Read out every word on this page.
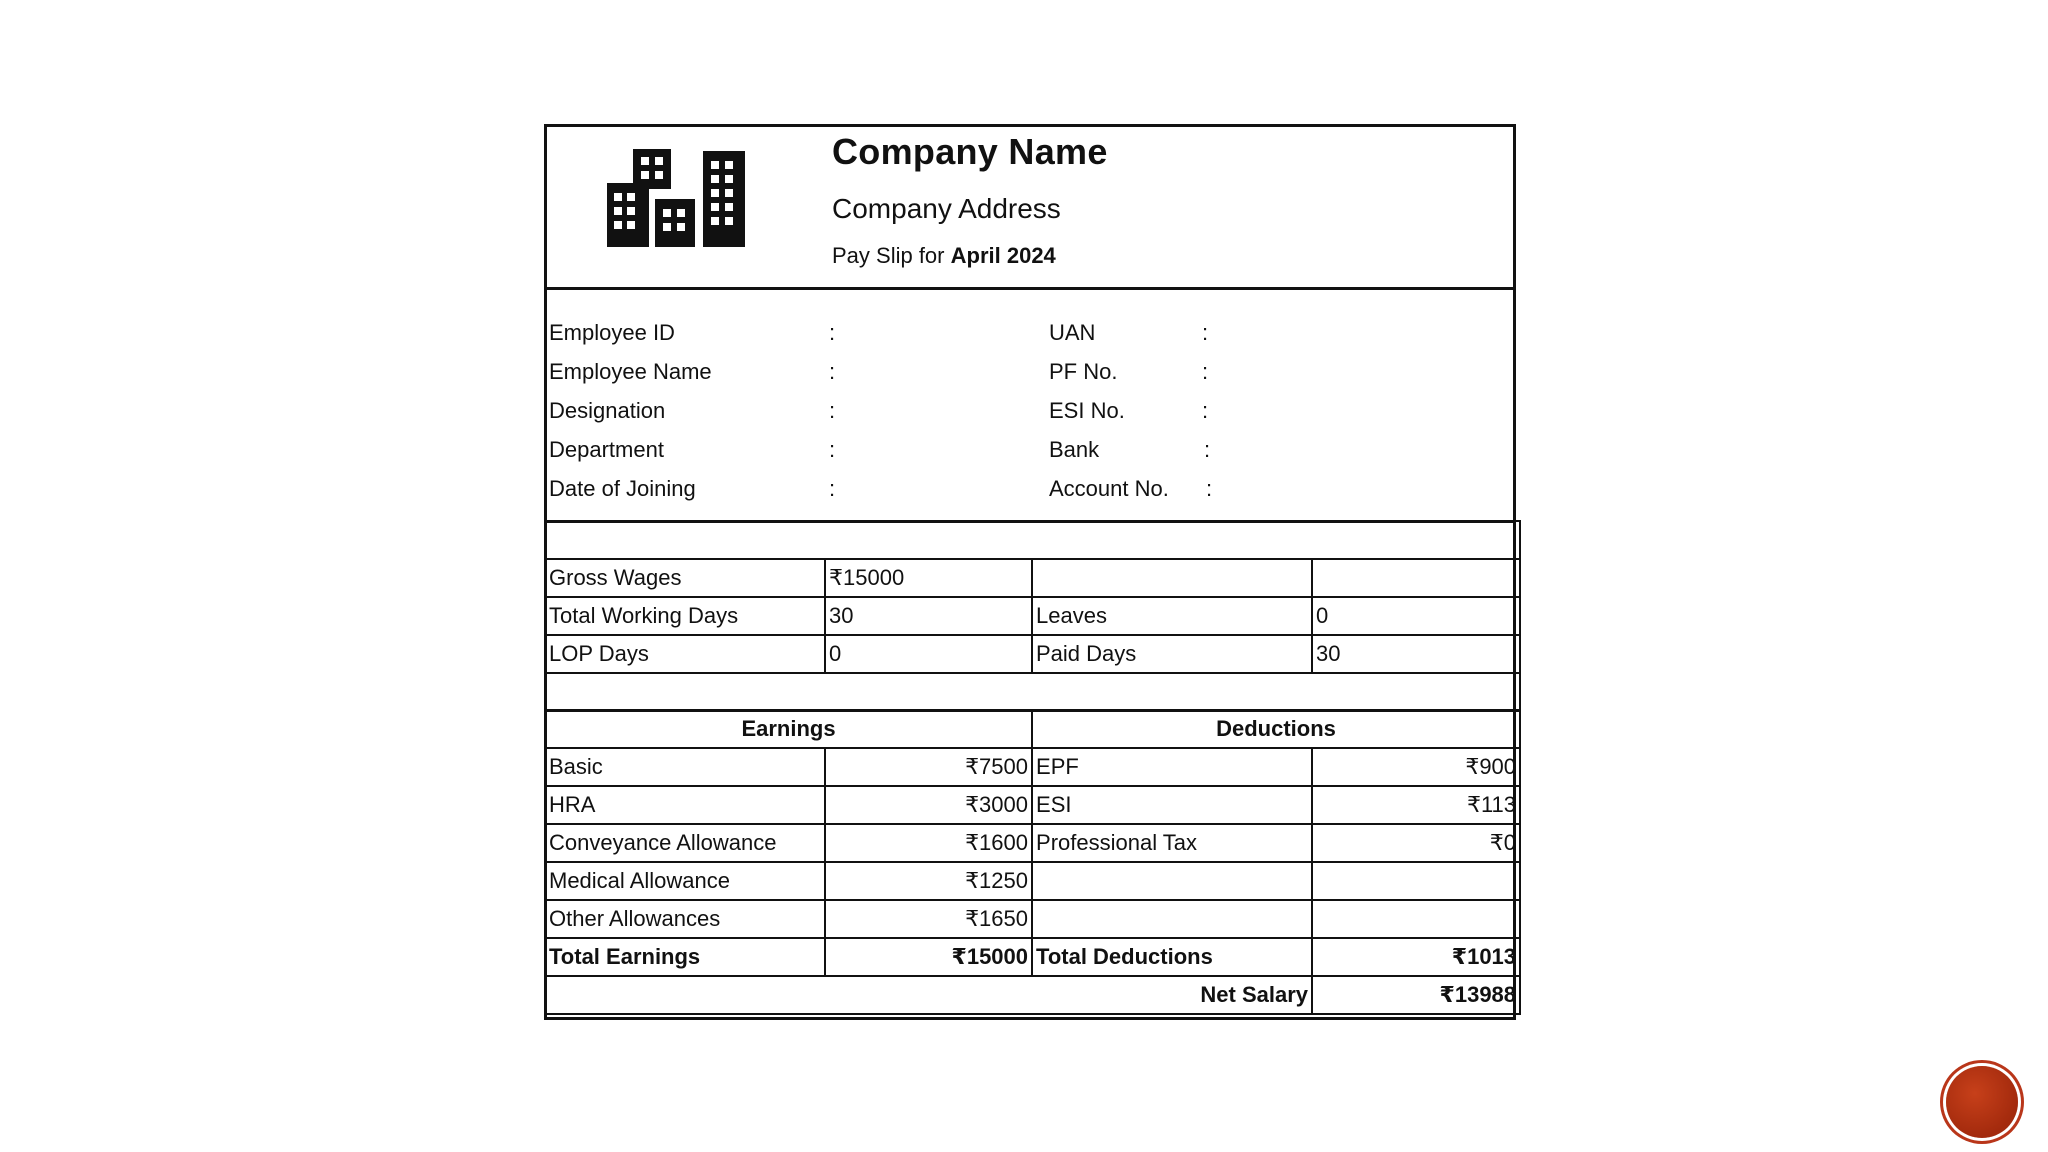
Company Name
Company Address
Pay Slip for April 2024
Employee ID	:	UAN	:
Employee Name	:	PF No.	:
Designation	:	ESI No.	:
Department	:	Bank	:
Date of Joining	:	Account No. :

Gross Wages	₹15000		
Total Working Days	30	Leaves	0
LOP Days	0	Paid Days	30

Earnings		Deductions	
Basic	₹7500	EPF	₹900
HRA	₹3000	ESI	₹113
Conveyance Allowance	₹1600	Professional Tax	₹0
Medical Allowance	₹1250		
Other Allowances	₹1650		
Total Earnings	₹15000	Total Deductions	₹1013
Net Salary			₹13988
